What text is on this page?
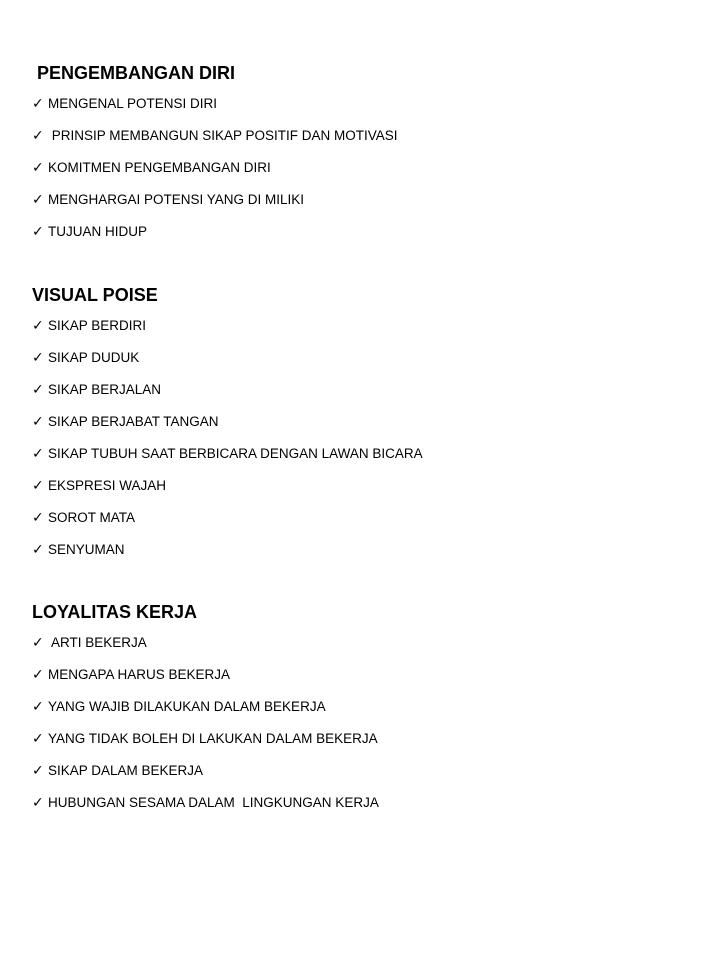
PENGEMBANGAN DIRI
✓ MENGENAL POTENSI DIRI
✓ PRINSIP MEMBANGUN SIKAP POSITIF DAN MOTIVASI
✓ KOMITMEN PENGEMBANGAN DIRI
✓ MENGHARGAI POTENSI YANG DI MILIKI
✓ TUJUAN HIDUP
VISUAL POISE
✓ SIKAP BERDIRI
✓ SIKAP DUDUK
✓ SIKAP BERJALAN
✓ SIKAP BERJABAT TANGAN
✓ SIKAP TUBUH SAAT BERBICARA DENGAN LAWAN BICARA
✓ EKSPRESI WAJAH
✓ SOROT MATA
✓ SENYUMAN
LOYALITAS KERJA
✓ ARTI BEKERJA
✓ MENGAPA HARUS BEKERJA
✓ YANG WAJIB DILAKUKAN DALAM BEKERJA
✓ YANG TIDAK BOLEH DI LAKUKAN DALAM BEKERJA
✓ SIKAP DALAM BEKERJA
✓ HUBUNGAN SESAMA DALAM  LINGKUNGAN KERJA
